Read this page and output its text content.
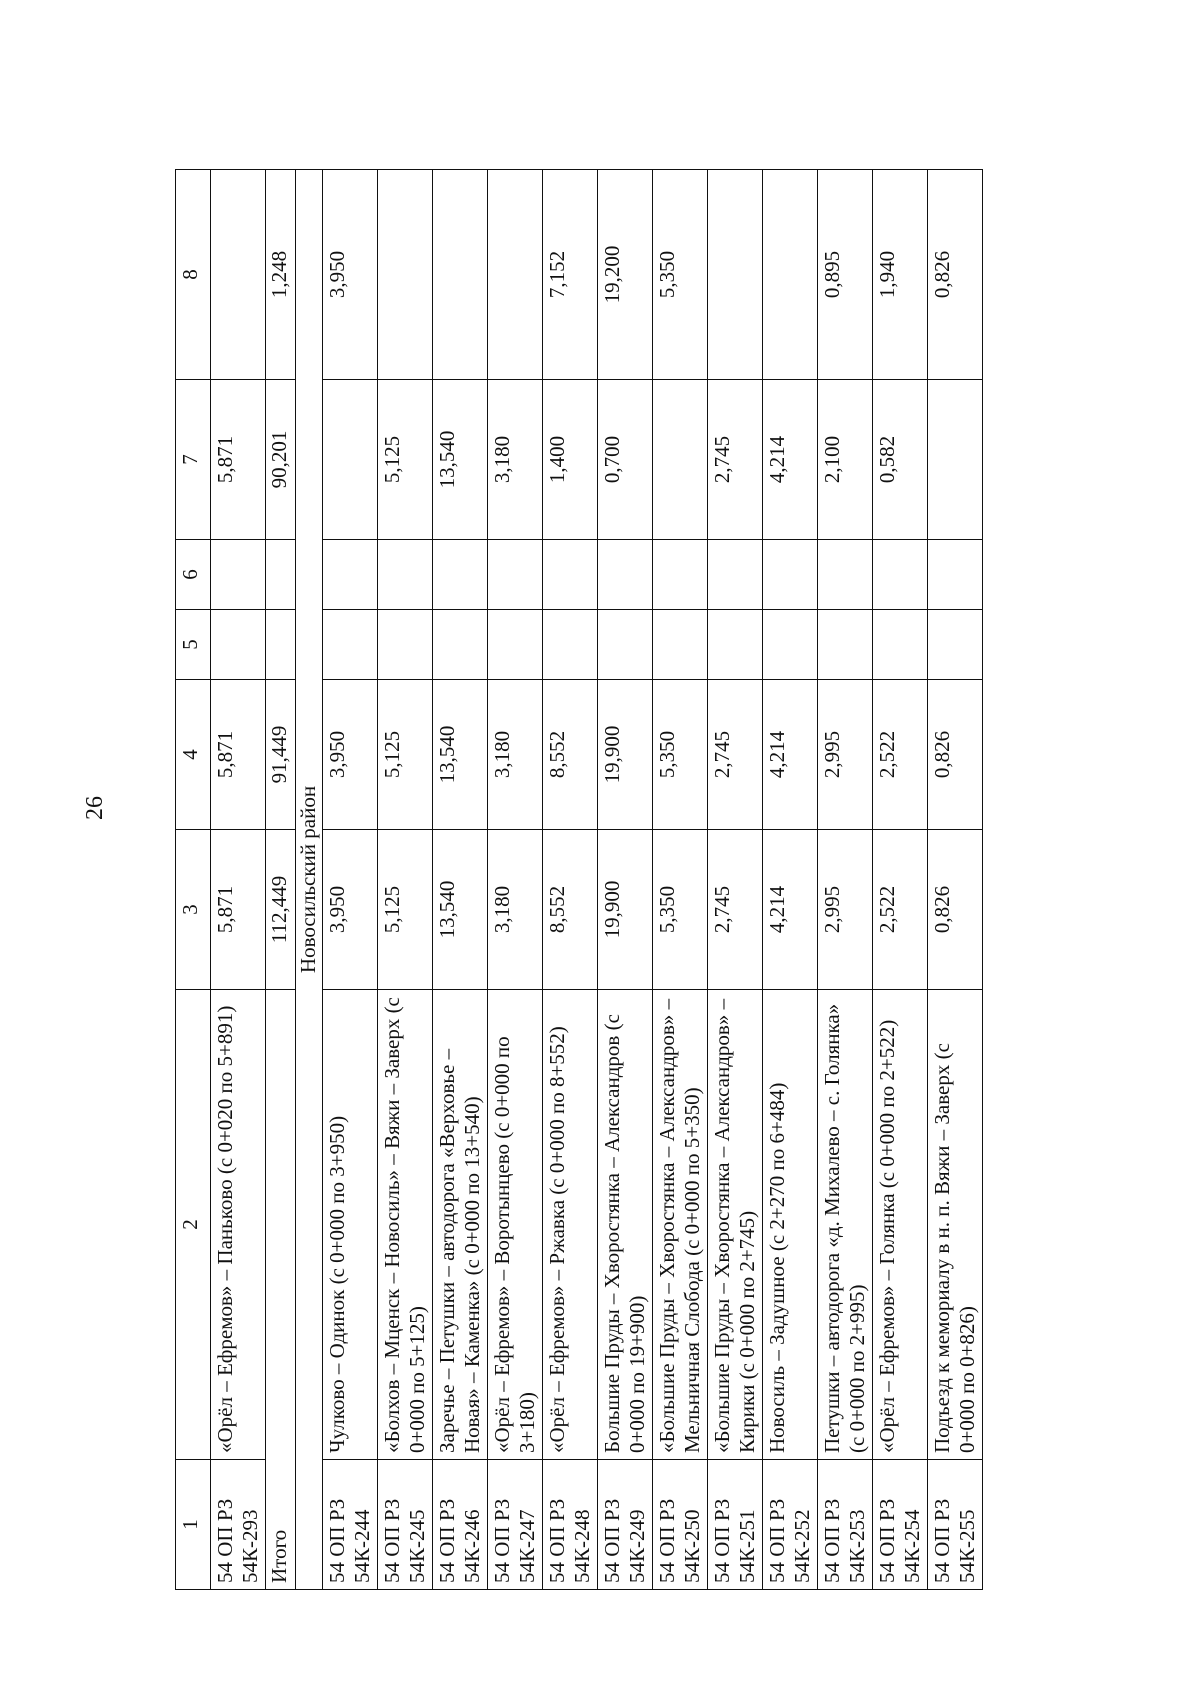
26
1	2	3	4	5	6	7	8
54 ОП РЗ 54К-293	«Орёл – Ефремов» – Паньково (с 0+020 по 5+891)	5,871	5,871			5,871	
Итого		112,449	91,449			90,201	1,248
Новосильский район							
54 ОП РЗ 54К-244	Чулково – Одинок (с 0+000 по 3+950)	3,950	3,950				3,950
54 ОП РЗ 54К-245	«Болхов – Мценск – Новосиль» – Вяжи – Заверх (с 0+000 по 5+125)	5,125	5,125			5,125	
54 ОП РЗ 54К-246	Заречье – Петушки – автодорога «Верховье – Новая» – Каменка» (с 0+000 по 13+540)	13,540	13,540			13,540	
54 ОП РЗ 54К-247	«Орёл – Ефремов» – Воротынцево (с 0+000 по 3+180)	3,180	3,180			3,180	
54 ОП РЗ 54К-248	«Орёл – Ефремов» – Ржавка (с 0+000 по 8+552)	8,552	8,552			1,400	7,152
54 ОП РЗ 54К-249	Большие Пруды – Хворостянка – Александров (с 0+000 по 19+900)	19,900	19,900			0,700	19,200
54 ОП РЗ 54К-250	«Большие Пруды – Хворостянка – Александров» – Мельничная Слобода (с 0+000 по 5+350)	5,350	5,350				5,350
54 ОП РЗ 54К-251	«Большие Пруды – Хворостянка – Александров» – Кирики (с 0+000 по 2+745)	2,745	2,745			2,745	
54 ОП РЗ 54К-252	Новосиль – Задушное (с 2+270 по 6+484)	4,214	4,214			4,214	
54 ОП РЗ 54К-253	Петушки – автодорога «д. Михалево – с. Голянка» (с 0+000 по 2+995)	2,995	2,995			2,100	0,895
54 ОП РЗ 54К-254	«Орёл – Ефремов» – Голянка (с 0+000 по 2+522)	2,522	2,522			0,582	1,940
54 ОП РЗ 54К-255	Подъезд к мемориалу в н. п. Вяжи – Заверх (с 0+000 по 0+826)	0,826	0,826				0,826
